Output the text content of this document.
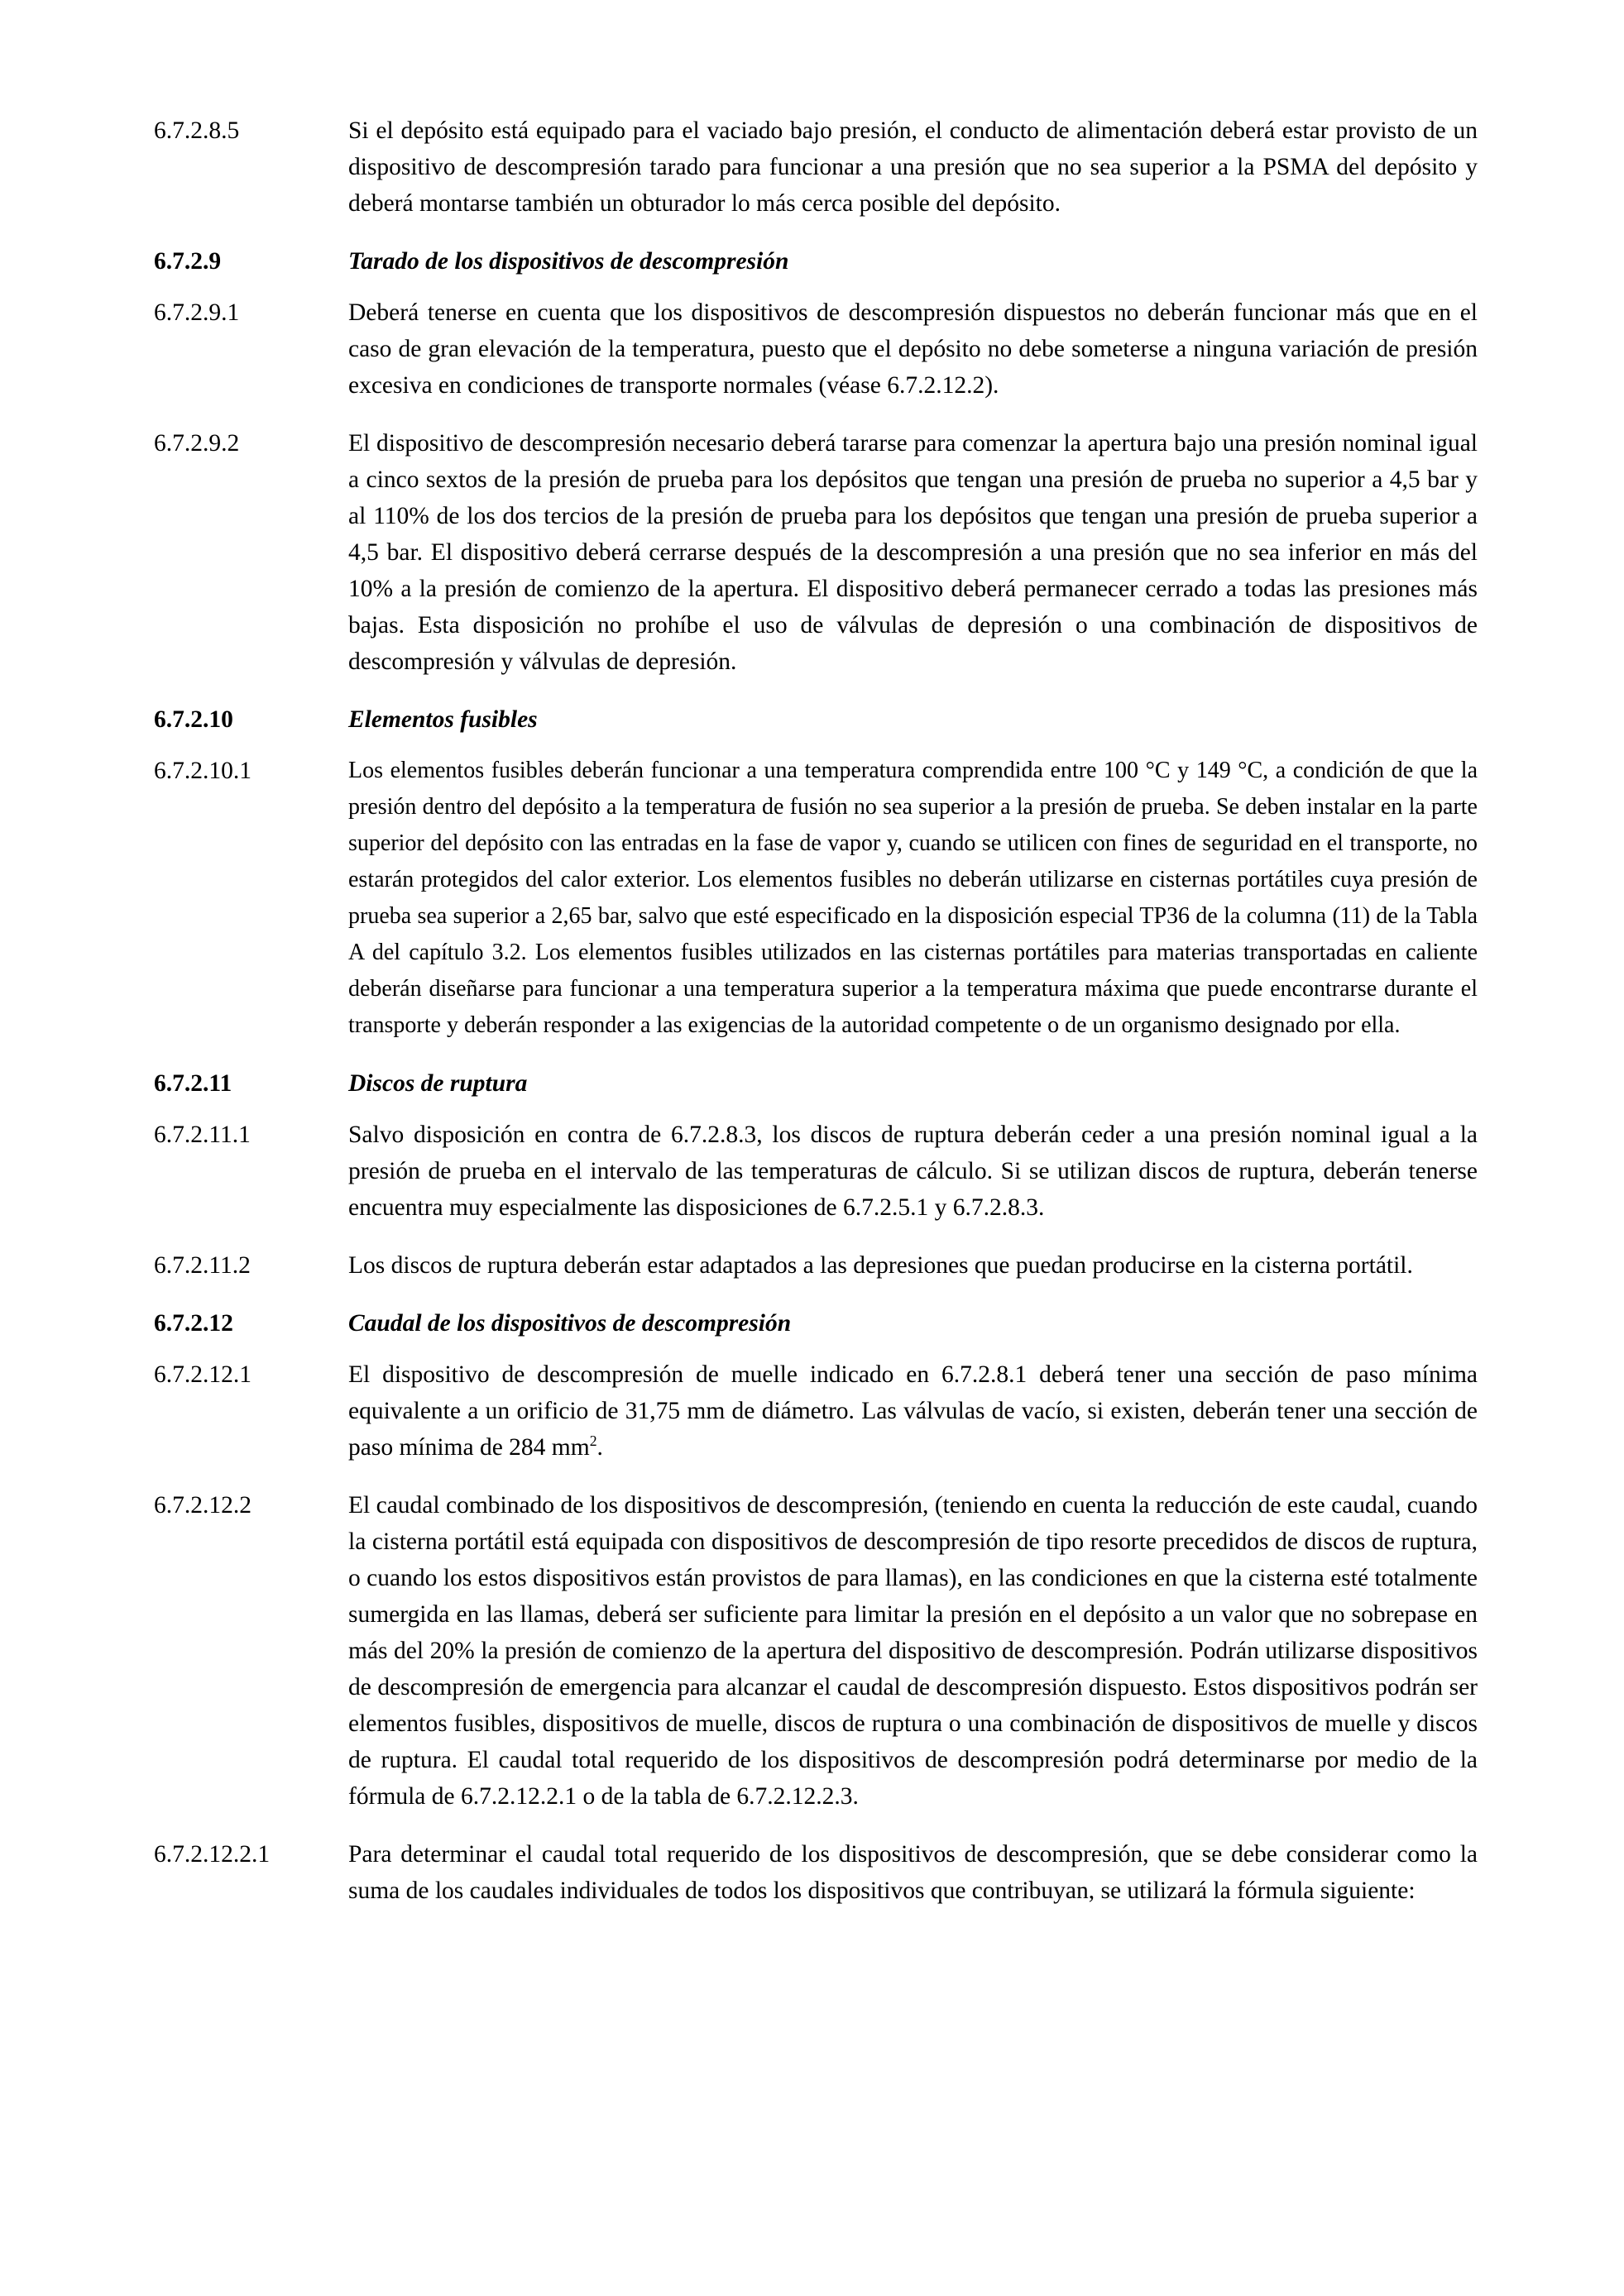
6.7.2.8.5	Si el depósito está equipado para el vaciado bajo presión, el conducto de alimentación deberá estar provisto de un dispositivo de descompresión tarado para funcionar a una presión que no sea superior a la PSMA del depósito y deberá montarse también un obturador lo más cerca posible del depósito.
6.7.2.9	Tarado de los dispositivos de descompresión
6.7.2.9.1	Deberá tenerse en cuenta que los dispositivos de descompresión dispuestos no deberán funcionar más que en el caso de gran elevación de la temperatura, puesto que el depósito no debe someterse a ninguna variación de presión excesiva en condiciones de transporte normales (véase 6.7.2.12.2).
6.7.2.9.2	El dispositivo de descompresión necesario deberá tararse para comenzar la apertura bajo una presión nominal igual a cinco sextos de la presión de prueba para los depósitos que tengan una presión de prueba no superior a 4,5 bar y al 110% de los dos tercios de la presión de prueba para los depósitos que tengan una presión de prueba superior a 4,5 bar. El dispositivo deberá cerrarse después de la descompresión a una presión que no sea inferior en más del 10% a la presión de comienzo de la apertura. El dispositivo deberá permanecer cerrado a todas las presiones más bajas. Esta disposición no prohíbe el uso de válvulas de depresión o una combinación de dispositivos de descompresión y válvulas de depresión.
6.7.2.10	Elementos fusibles
6.7.2.10.1	Los elementos fusibles deberán funcionar a una temperatura comprendida entre 100 °C y 149 °C, a condición de que la presión dentro del depósito a la temperatura de fusión no sea superior a la presión de prueba. Se deben instalar en la parte superior del depósito con las entradas en la fase de vapor y, cuando se utilicen con fines de seguridad en el transporte, no estarán protegidos del calor exterior. Los elementos fusibles no deberán utilizarse en cisternas portátiles cuya presión de prueba sea superior a 2,65 bar, salvo que esté especificado en la disposición especial TP36 de la columna (11) de la Tabla A del capítulo 3.2. Los elementos fusibles utilizados en las cisternas portátiles para materias transportadas en caliente deberán diseñarse para funcionar a una temperatura superior a la temperatura máxima que puede encontrarse durante el transporte y deberán responder a las exigencias de la autoridad competente o de un organismo designado por ella.
6.7.2.11	Discos de ruptura
6.7.2.11.1	Salvo disposición en contra de 6.7.2.8.3, los discos de ruptura deberán ceder a una presión nominal igual a la presión de prueba en el intervalo de las temperaturas de cálculo. Si se utilizan discos de ruptura, deberán tenerse encuentra muy especialmente las disposiciones de 6.7.2.5.1 y 6.7.2.8.3.
6.7.2.11.2	Los discos de ruptura deberán estar adaptados a las depresiones que puedan producirse en la cisterna portátil.
6.7.2.12	Caudal de los dispositivos de descompresión
6.7.2.12.1	El dispositivo de descompresión de muelle indicado en 6.7.2.8.1 deberá tener una sección de paso mínima equivalente a un orificio de 31,75 mm de diámetro. Las válvulas de vacío, si existen, deberán tener una sección de paso mínima de 284 $mm^2$.
6.7.2.12.2	El caudal combinado de los dispositivos de descompresión, (teniendo en cuenta la reducción de este caudal, cuando la cisterna portátil está equipada con dispositivos de descompresión de tipo resorte precedidos de discos de ruptura, o cuando los estos dispositivos están provistos de para llamas), en las condiciones en que la cisterna esté totalmente sumergida en las llamas, deberá ser suficiente para limitar la presión en el depósito a un valor que no sobrepase en más del 20% la presión de comienzo de la apertura del dispositivo de descompresión. Podrán utilizarse dispositivos de descompresión de emergencia para alcanzar el caudal de descompresión dispuesto. Estos dispositivos podrán ser elementos fusibles, dispositivos de muelle, discos de ruptura o una combinación de dispositivos de muelle y discos de ruptura. El caudal total requerido de los dispositivos de descompresión podrá determinarse por medio de la fórmula de 6.7.2.12.2.1 o de la tabla de 6.7.2.12.2.3.
6.7.2.12.2.1	Para determinar el caudal total requerido de los dispositivos de descompresión, que se debe considerar como la suma de los caudales individuales de todos los dispositivos que contribuyan, se utilizará la fórmula siguiente:
